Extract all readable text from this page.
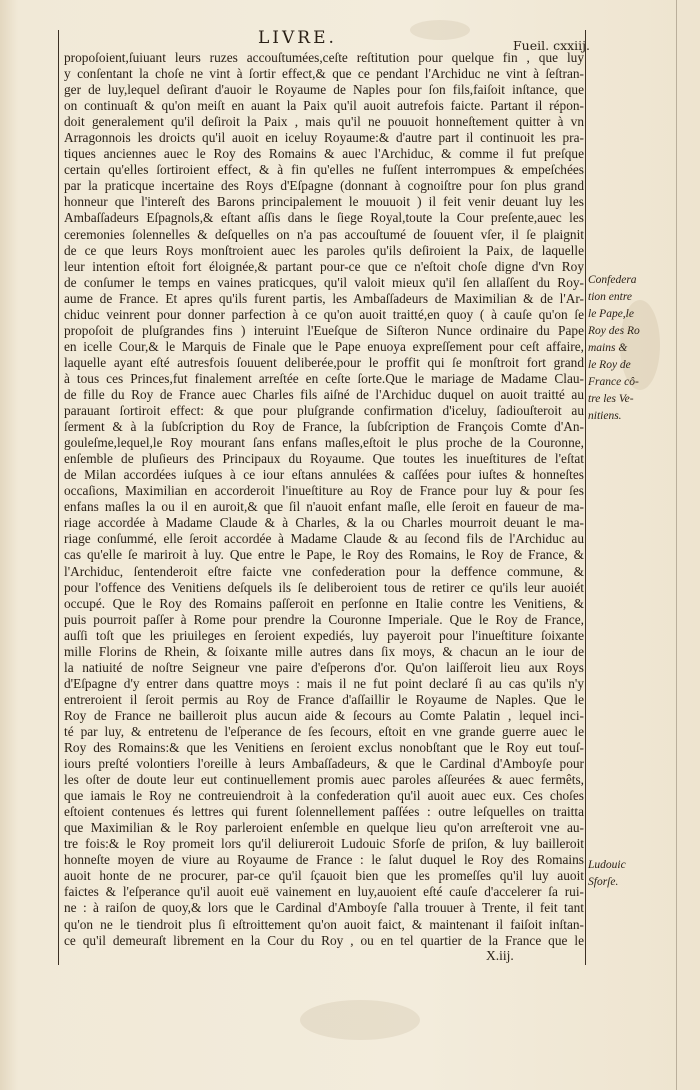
LIVRE.	Fueil. cxxiij.
propoſoient,ſuiuant leurs ruzes accouſtumées,ceſte reſtitution pour quelque fin , que luy
y conſentant la choſe ne vint à ſortir effect,& que ce pendant l'Archiduc ne vint à ſeſtran-
ger de luy,lequel deſirant d'auoir le Royaume de Naples pour ſon fils,faiſoit inſtance, que
on continuaſt & qu'on meiſt en auant la Paix qu'il auoit autrefois faicte. Partant il répon-
doit generalement qu'il deſiroit la Paix , mais qu'il ne pouuoit honneſtement quitter à vn
Arragonnois les droicts qu'il auoit en iceluy Royaume:& d'autre part il continuoit les pra-
tiques anciennes auec le Roy des Romains & auec l'Archiduc, & comme il fut preſque
certain qu'elles ſortiroient effect, & à fin qu'elles ne fuſſent interrompues & empeſchées
par la praticque incertaine des Roys d'Eſpagne (donnant à cognoiſtre pour ſon plus grand
honneur que l'intereſt des Barons principalement le mouuoit ) il feit venir deuant luy les
Ambaſſadeurs Eſpagnols,& eſtant aſſis dans le ſiege Royal,toute la Cour preſente,auec les
ceremonies ſolennelles & deſquelles on n'a pas accouſtumé de ſouuent vſer, il ſe plaignit
de ce que leurs Roys monſtroient auec les paroles qu'ils deſiroient la Paix, de laquelle
leur intention eſtoit fort éloignée,& partant pour-ce que ce n'eſtoit choſe digne d'vn Roy
de conſumer le temps en vaines praticques, qu'il valoit mieux qu'il ſen allaſſent du Roy-
aume de France. Et apres qu'ils furent partis, les Ambaſſadeurs de Maximilian & de l'Ar-
chiduc veinrent pour donner parfection à ce qu'on auoit traitté,en quoy ( à cauſe qu'on ſe
propoſoit de pluſgrandes fins ) interuint l'Eueſque de Siſteron Nunce ordinaire du Pape
en icelle Cour,& le Marquis de Finale que le Pape enuoya expreſſement pour ceſt affaire,
laquelle ayant eſté autresfois ſouuent deliberée,pour le proffit qui ſe monſtroit fort grand
à tous ces Princes,fut finalement arreſtée en ceſte ſorte.Que le mariage de Madame Clau-
de fille du Roy de France auec Charles fils aiſné de l'Archiduc duquel on auoit traitté au
parauant ſortiroit effect: & que pour pluſgrande confirmation d'iceluy, ſadiouſteroit au
ſerment & à la ſubſcription du Roy de France, la ſubſcription de François Comte d'An-
gouleſme,lequel,le Roy mourant ſans enfans maſles,eſtoit le plus proche de la Couronne,
enſemble de pluſieurs des Principaux du Royaume. Que toutes les inueſtitures de l'eſtat
de Milan accordées iuſques à ce iour eſtans annulées & caſſées pour iuſtes & honneſtes
occaſions, Maximilian en accorderoit l'inueſtiture au Roy de France pour luy & pour ſes
enfans maſles la ou il en auroit,& que ſil n'auoit enfant maſle, elle ſeroit en faueur de ma-
riage accordée à Madame Claude & à Charles, & la ou Charles mourroit deuant le ma-
riage conſummé, elle ſeroit accordée à Madame Claude & au ſecond fils de l'Archiduc au
cas qu'elle ſe mariroit à luy. Que entre le Pape, le Roy des Romains, le Roy de France, &
l'Archiduc, ſentenderoit eſtre faicte vne confederation pour la deffence commune, &
pour l'offence des Venitiens deſquels ils ſe deliberoient tous de retirer ce qu'ils leur auoiét
occupé. Que le Roy des Romains paſſeroit en perſonne en Italie contre les Venitiens, &
puis pourroit paſſer à Rome pour prendre la Couronne Imperiale. Que le Roy de France,
auſſi toſt que les priuileges en ſeroient expediés, luy payeroit pour l'inueſtiture ſoixante
mille Florins de Rhein, & ſoixante mille autres dans ſix moys, & chacun an le iour de
la natiuité de noſtre Seigneur vne paire d'eſperons d'or. Qu'on laiſſeroit lieu aux Roys
d'Eſpagne d'y entrer dans quattre moys : mais il ne fut point declaré ſi au cas qu'ils n'y
entreroient il ſeroit permis au Roy de France d'aſſaillir le Royaume de Naples. Que le
Roy de France ne bailleroit plus aucun aide & ſecours au Comte Palatin , lequel inci-
té par luy, & entretenu de l'eſperance de ſes ſecours, eſtoit en vne grande guerre auec le
Roy des Romains:& que les Venitiens en ſeroient exclus nonobſtant que le Roy eut touſ-
iours preſté volontiers l'oreille à leurs Ambaſſadeurs, & que le Cardinal d'Amboyſe pour
les oſter de doute leur eut continuellement promis auec paroles aſſeurées & auec fermêts,
que iamais le Roy ne contreuiendroit à la confederation qu'il auoit auec eux. Ces choſes
eſtoient contenues és lettres qui furent ſolennellement paſſées : outre leſquelles on traitta
que Maximilian & le Roy parleroient enſemble en quelque lieu qu'on arreſteroit vne au-
tre fois:& le Roy promeit lors qu'il deliureroit Ludouic Sforſe de priſon, & luy bailleroit
honneſte moyen de viure au Royaume de France : le ſalut duquel le Roy des Romains
auoit honte de ne procurer, par-ce qu'il ſçauoit bien que les promeſſes qu'il luy auoit
faictes & l'eſperance qu'il auoit euë vainement en luy,auoient eſté cauſe d'accelerer ſa rui-
ne : à raiſon de quoy,& lors que le Cardinal d'Amboyſe ſ'alla trouuer à Trente, il feit tant
qu'on ne le tiendroit plus ſi eſtroittement qu'on auoit faict, & maintenant il faiſoit inſtan-
ce qu'il demeuraſt librement en la Cour du Roy , ou en tel quartier de la France que le
Confedera
tion entre
le Pape,le
Roy des Ro
mains &
le Roy de
France cô-
tre les Ve-
nitiens.
Ludouic
Sforſe.
X.iij.
